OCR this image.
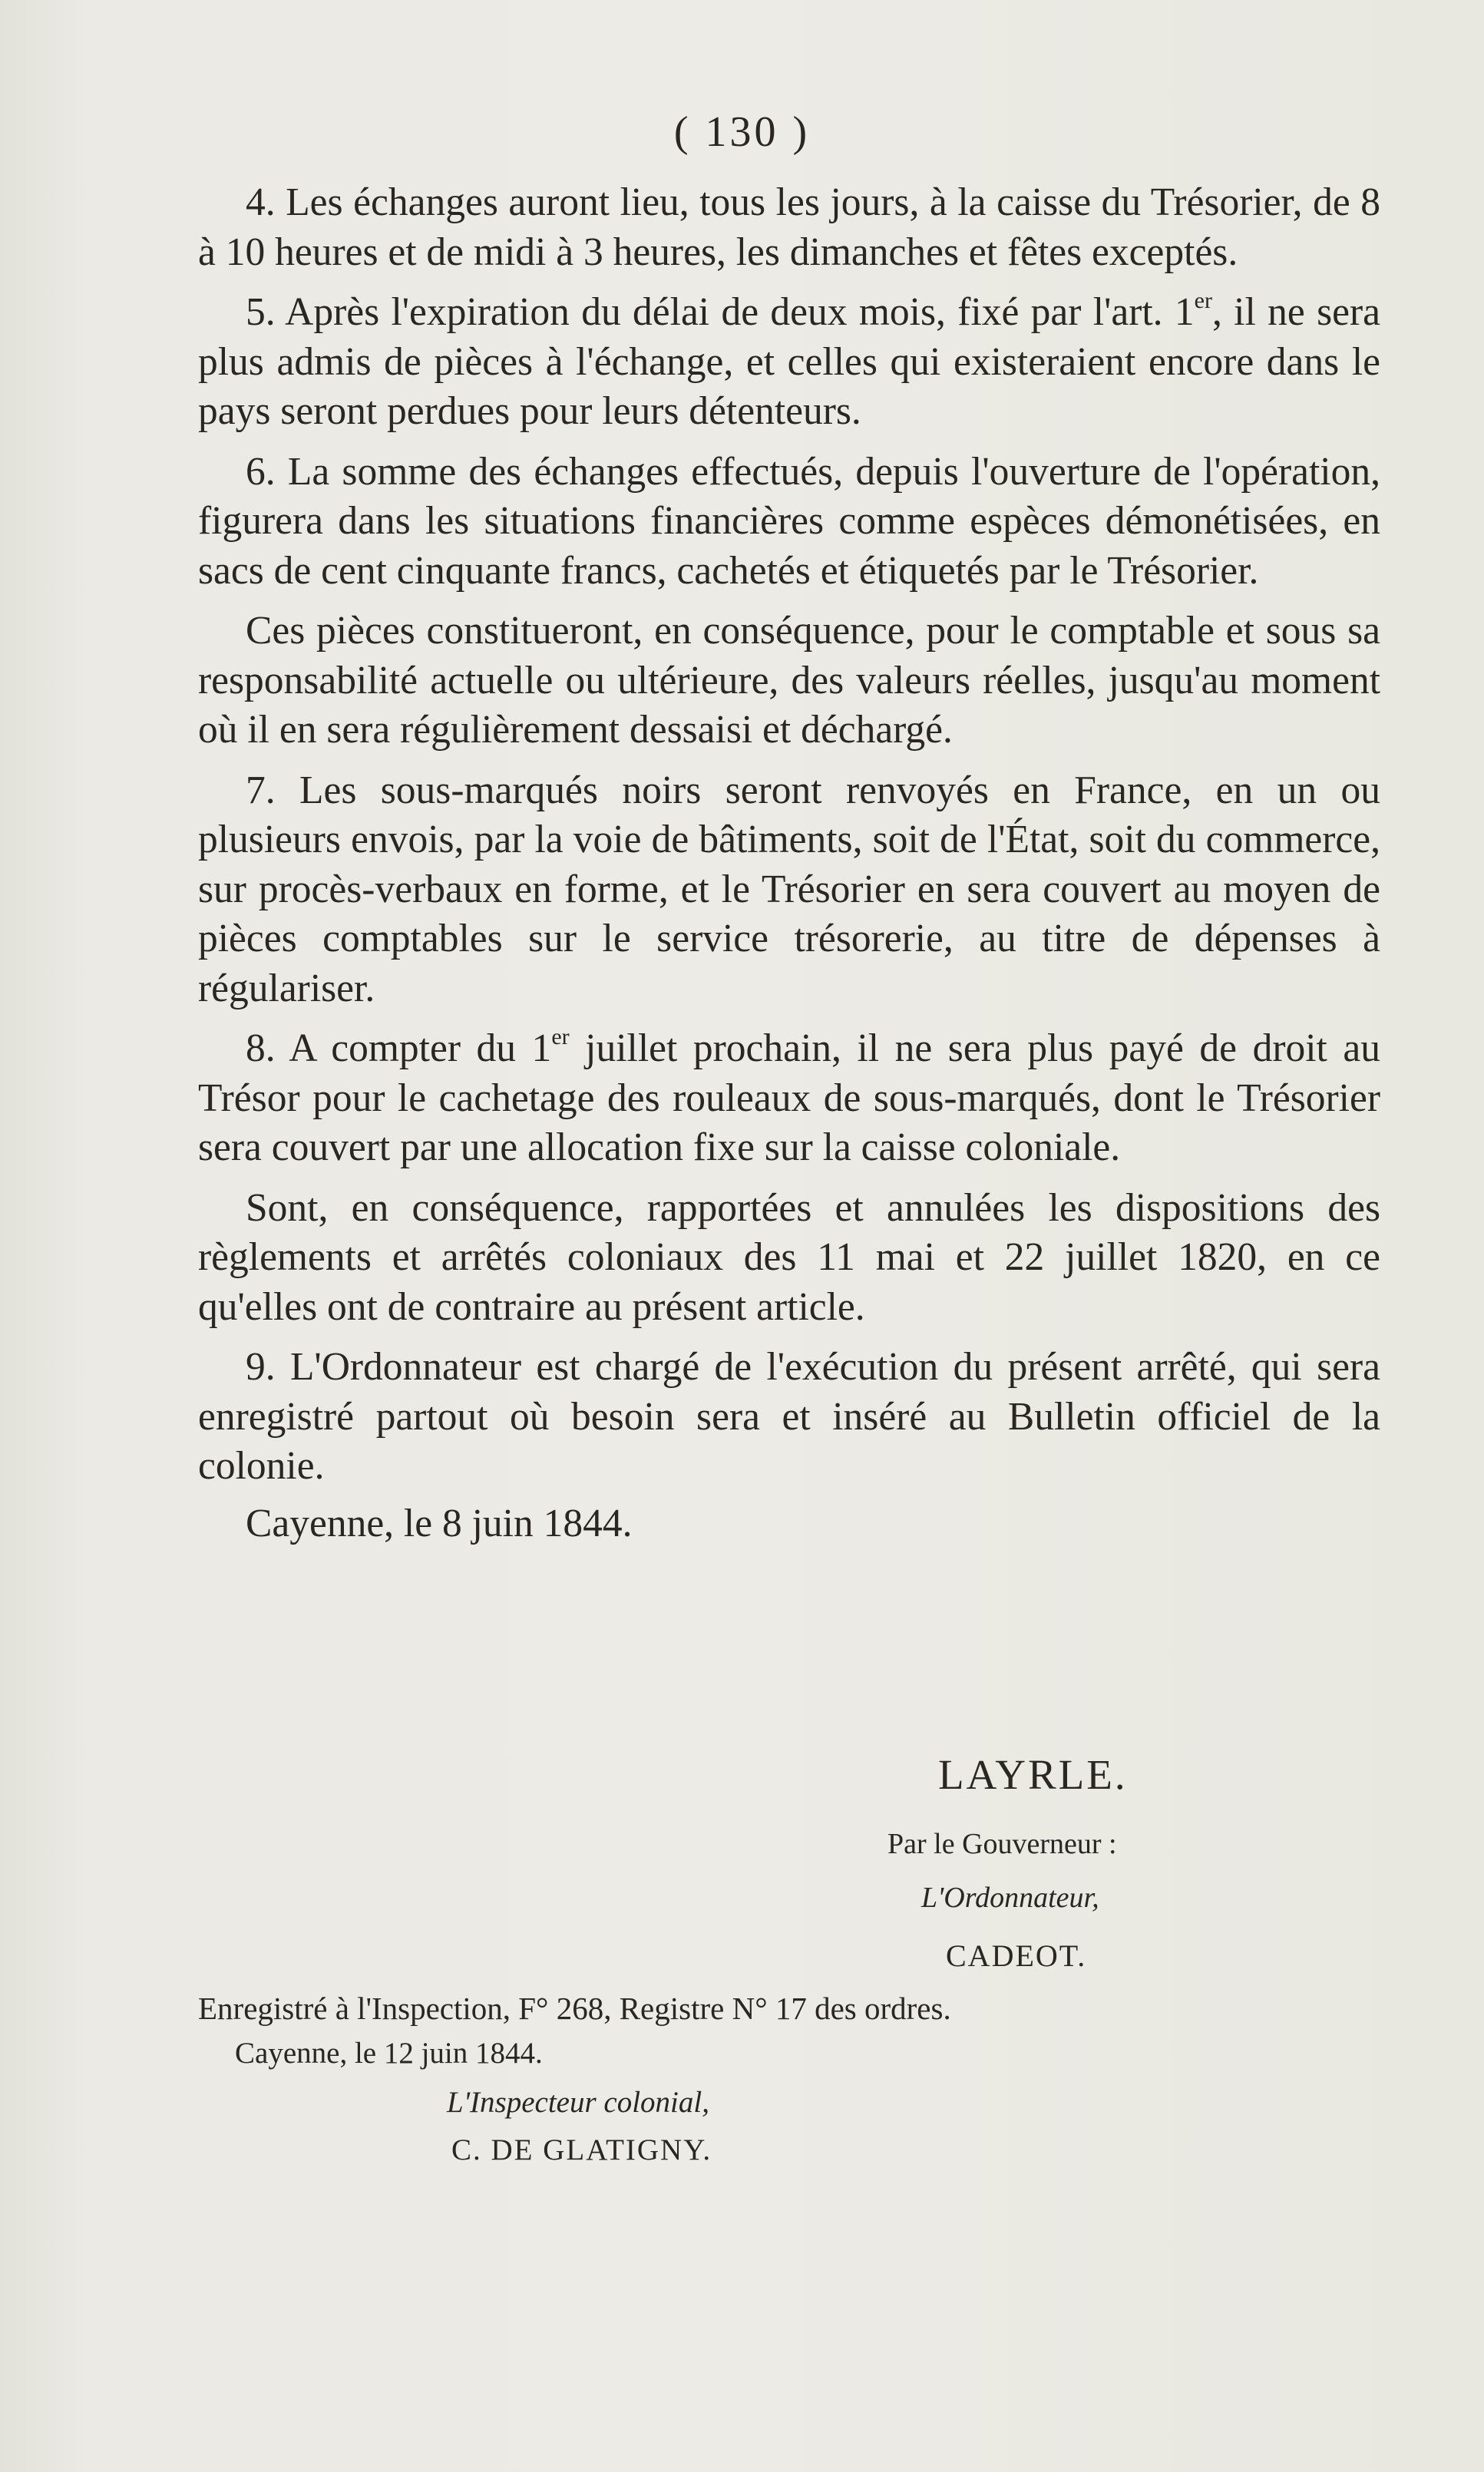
( 130 )

4. Les échanges auront lieu, tous les jours, à la caisse du Trésorier, de 8 à 10 heures et de midi à 3 heures, les dimanches et fêtes exceptés.

5. Après l'expiration du délai de deux mois, fixé par l'art. 1er, il ne sera plus admis de pièces à l'échange, et celles qui existeraient encore dans le pays seront perdues pour leurs détenteurs.

6. La somme des échanges effectués, depuis l'ouverture de l'opération, figurera dans les situations financières comme espèces démonétisées, en sacs de cent cinquante francs, cachetés et étiquetés par le Trésorier.

Ces pièces constitueront, en conséquence, pour le comptable et sous sa responsabilité actuelle ou ultérieure, des valeurs réelles, jusqu'au moment où il en sera régulièrement dessaisi et déchargé.

7. Les sous-marqués noirs seront renvoyés en France, en un ou plusieurs envois, par la voie de bâtiments, soit de l'État, soit du commerce, sur procès-verbaux en forme, et le Trésorier en sera couvert au moyen de pièces comptables sur le service trésorerie, au titre de dépenses à régulariser.

8. A compter du 1er juillet prochain, il ne sera plus payé de droit au Trésor pour le cachetage des rouleaux de sous-marqués, dont le Trésorier sera couvert par une allocation fixe sur la caisse coloniale.

Sont, en conséquence, rapportées et annulées les dispositions des règlements et arrêtés coloniaux des 11 mai et 22 juillet 1820, en ce qu'elles ont de contraire au présent article.

9. L'Ordonnateur est chargé de l'exécution du présent arrêté, qui sera enregistré partout où besoin sera et inséré au Bulletin officiel de la colonie.

Cayenne, le 8 juin 1844.

LAYRLE.
Par le Gouverneur :
L'Ordonnateur,
CADEOT.
Enregistré à l'Inspection, F° 268, Registre N° 17 des ordres.
Cayenne, le 12 juin 1844.
L'Inspecteur colonial,
C. DE GLATIGNY.
